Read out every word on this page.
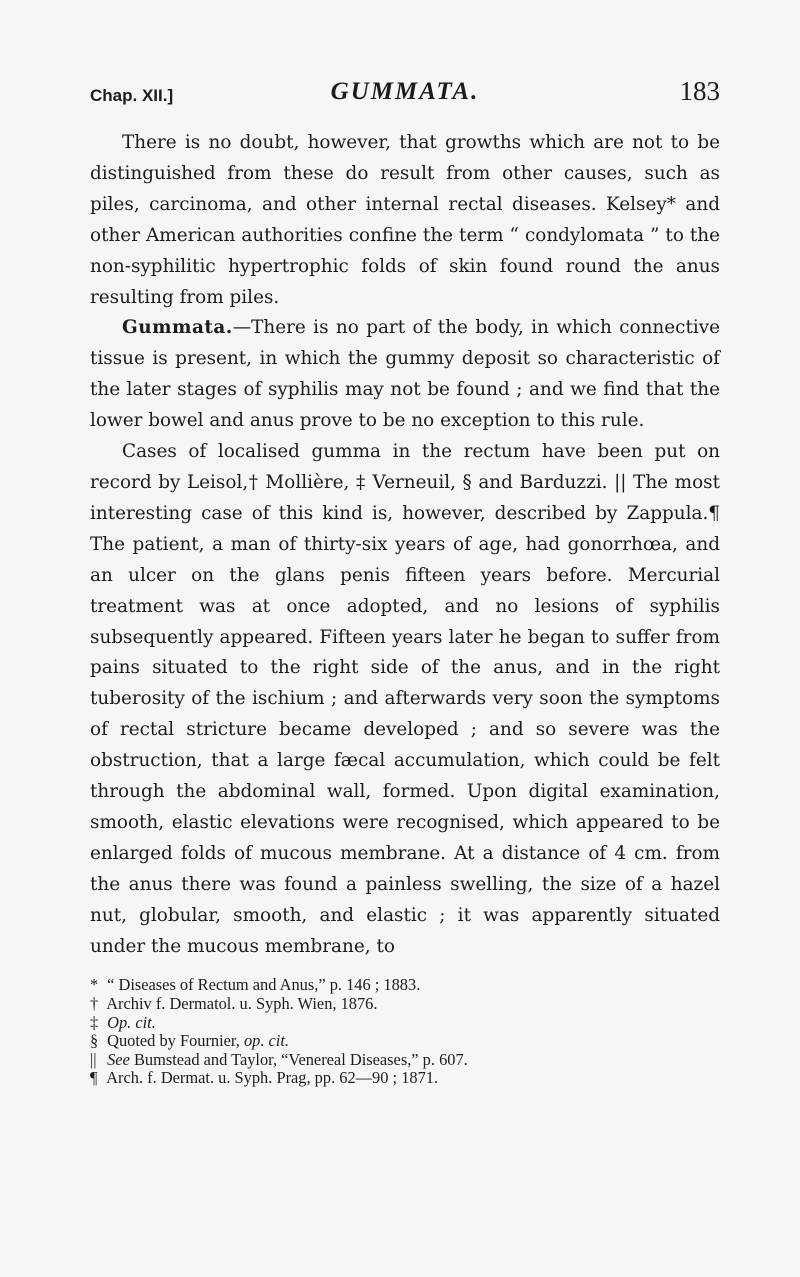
Chap. XII.]	GUMMATA.	183

There is no doubt, however, that growths which are not to be distinguished from these do result from other causes, such as piles, carcinoma, and other internal rectal diseases. Kelsey* and other American authorities confine the term “ condylomata ” to the non-syphilitic hypertrophic folds of skin found round the anus resulting from piles.

Gummata.—There is no part of the body, in which connective tissue is present, in which the gummy deposit so characteristic of the later stages of syphilis may not be found ; and we find that the lower bowel and anus prove to be no exception to this rule.

Cases of localised gumma in the rectum have been put on record by Leisol,† Mollière, ‡ Verneuil, § and Barduzzi. || The most interesting case of this kind is, however, described by Zappula.¶ The patient, a man of thirty-six years of age, had gonorrhœa, and an ulcer on the glans penis fifteen years before. Mercurial treatment was at once adopted, and no lesions of syphilis subsequently appeared. Fifteen years later he began to suffer from pains situated to the right side of the anus, and in the right tuberosity of the ischium ; and afterwards very soon the symptoms of rectal stricture became developed ; and so severe was the obstruction, that a large fæcal accumulation, which could be felt through the abdominal wall, formed. Upon digital examination, smooth, elastic elevations were recognised, which appeared to be enlarged folds of mucous membrane. At a distance of 4 cm. from the anus there was found a painless swelling, the size of a hazel nut, globular, smooth, and elastic ; it was apparently situated under the mucous membrane, to

* “ Diseases of Rectum and Anus,” p. 146 ; 1883.

† Archiv f. Dermatol. u. Syph. Wien, 1876.

‡ Op. cit.

§ Quoted by Fournier, op. cit.

|| See Bumstead and Taylor, “Venereal Diseases,” p. 607.

¶ Arch. f. Dermat. u. Syph. Prag, pp. 62—90 ; 1871.
